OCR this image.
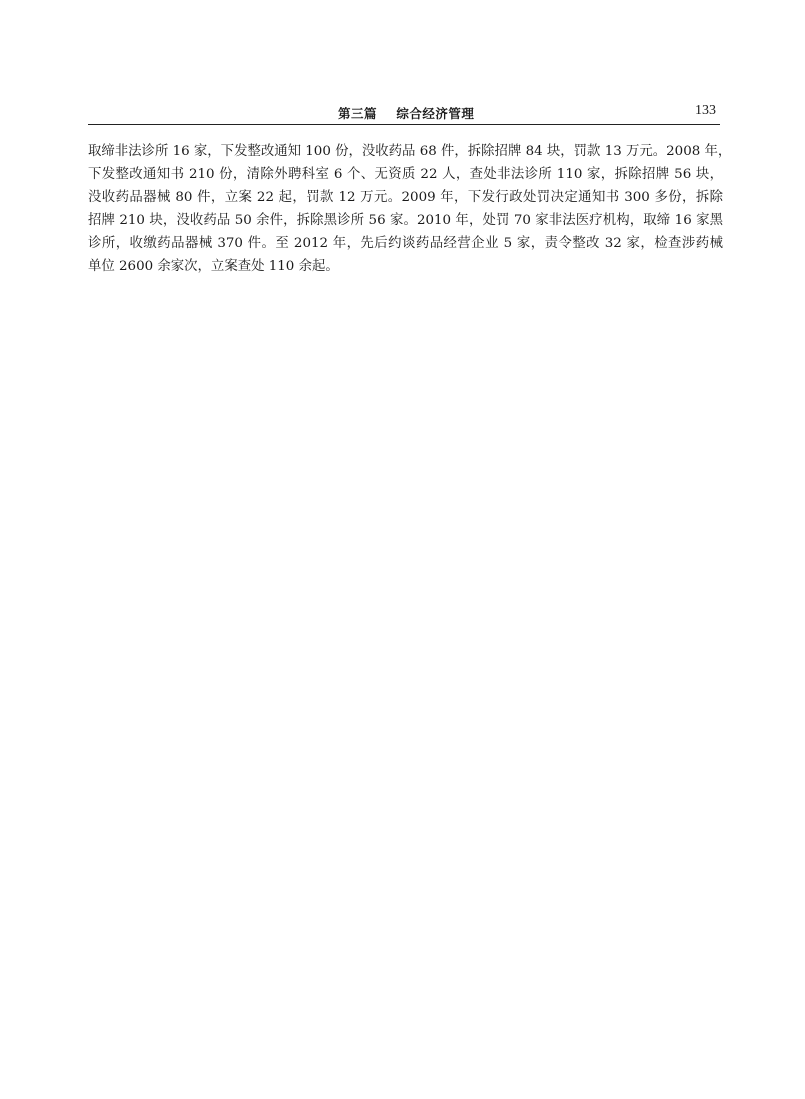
第三篇    综合经济管理	133
取缔非法诊所 16 家，下发整改通知 100 份，没收药品 68 件，拆除招牌 84 块，罚款 13 万元。2008 年，
下发整改通知书 210 份，清除外聘科室 6 个、无资质 22 人，查处非法诊所 110 家，拆除招牌 56 块，
没收药品器械 80 件，立案 22 起，罚款 12 万元。2009 年，下发行政处罚决定通知书 300 多份，拆除
招牌 210 块，没收药品 50 余件，拆除黑诊所 56 家。2010 年，处罚 70 家非法医疗机构，取缔 16 家黑
诊所，收缴药品器械 370 件。至 2012 年，先后约谈药品经营企业 5 家，责令整改 32 家，检查涉药械
单位 2600 余家次，立案查处 110 余起。
